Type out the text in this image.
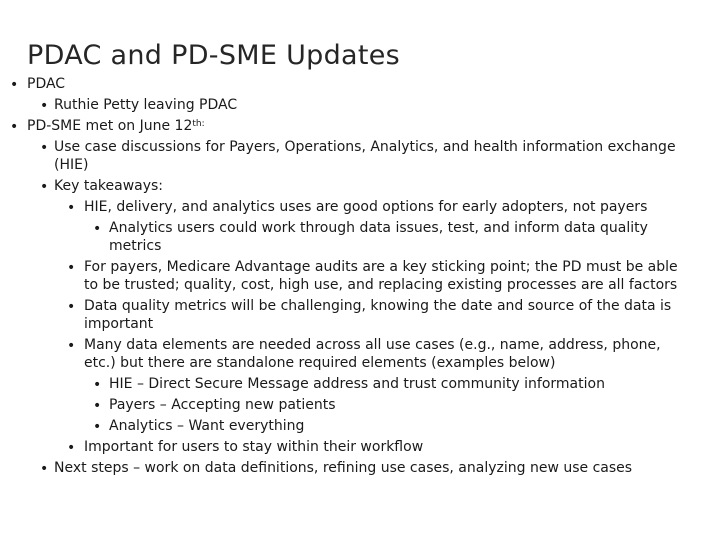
PDAC and PD-SME Updates
• PDAC
• Ruthie Petty leaving PDAC
• PD-SME met on June $12^{th:}$
• Use case discussions for Payers, Operations, Analytics, and health information exchange (HIE)
• Key takeaways:
• HIE, delivery, and analytics uses are good options for early adopters, not payers
• Analytics users could work through data issues, test, and inform data quality metrics
• For payers, Medicare Advantage audits are a key sticking point; the PD must be able to be trusted; quality, cost, high use, and replacing existing processes are all factors
• Data quality metrics will be challenging, knowing the date and source of the data is important
• Many data elements are needed across all use cases (e.g., name, address, phone, etc.) but there are standalone required elements (examples below)
• HIE – Direct Secure Message address and trust community information
• Payers – Accepting new patients
• Analytics – Want everything
• Important for users to stay within their workflow
• Next steps – work on data definitions, refining use cases, analyzing new use cases
